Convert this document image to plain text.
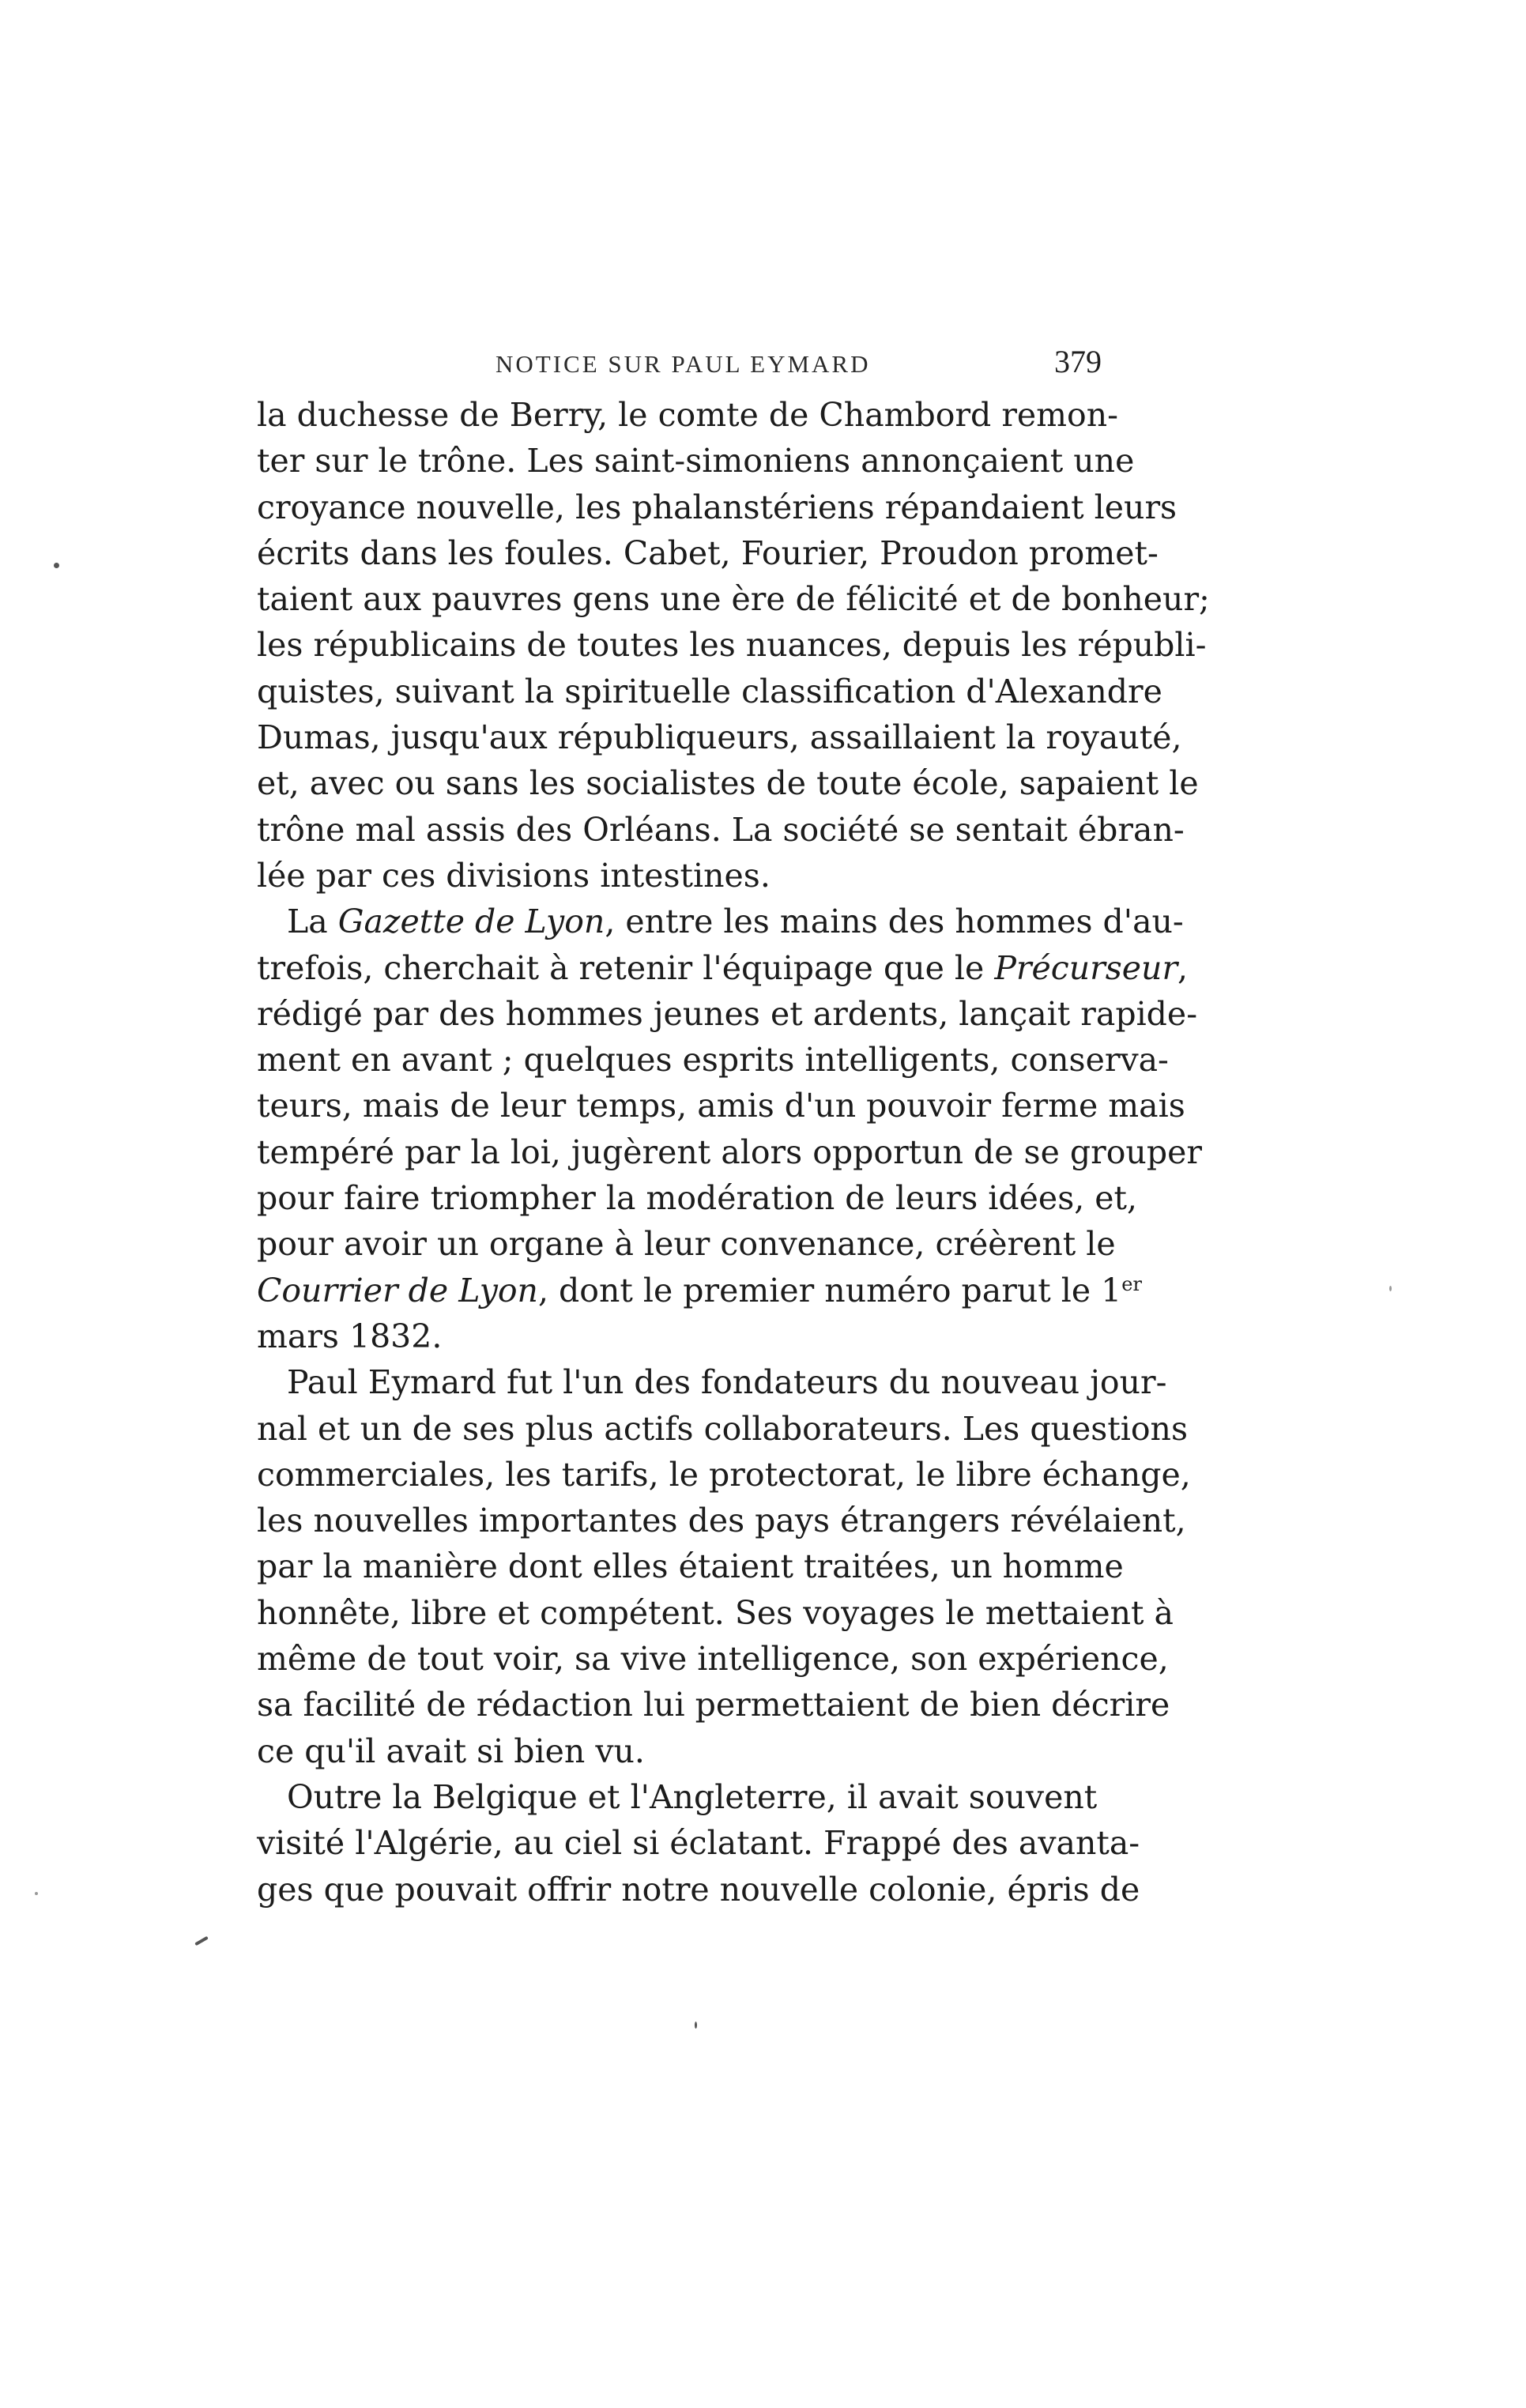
NOTICE SUR PAUL EYMARD	379
la duchesse de Berry, le comte de Chambord remon-
ter sur le trône. Les saint-simoniens annonçaient une
croyance nouvelle, les phalanstériens répandaient leurs
écrits dans les foules. Cabet, Fourier, Proudon promet-
taient aux pauvres gens une ère de félicité et de bonheur;
les républicains de toutes les nuances, depuis les républi-
quistes, suivant la spirituelle classification d'Alexandre
Dumas, jusqu'aux républiqueurs, assaillaient la royauté,
et, avec ou sans les socialistes de toute école, sapaient le
trône mal assis des Orléans. La société se sentait ébran-
lée par ces divisions intestines.
La Gazette de Lyon, entre les mains des hommes d'au-
trefois, cherchait à retenir l'équipage que le Précurseur,
rédigé par des hommes jeunes et ardents, lançait rapide-
ment en avant ; quelques esprits intelligents, conserva-
teurs, mais de leur temps, amis d'un pouvoir ferme mais
tempéré par la loi, jugèrent alors opportun de se grouper
pour faire triompher la modération de leurs idées, et,
pour avoir un organe à leur convenance, créèrent le
Courrier de Lyon, dont le premier numéro parut le 1er
mars 1832.
Paul Eymard fut l'un des fondateurs du nouveau jour-
nal et un de ses plus actifs collaborateurs. Les questions
commerciales, les tarifs, le protectorat, le libre échange,
les nouvelles importantes des pays étrangers révélaient,
par la manière dont elles étaient traitées, un homme
honnête, libre et compétent. Ses voyages le mettaient à
même de tout voir, sa vive intelligence, son expérience,
sa facilité de rédaction lui permettaient de bien décrire
ce qu'il avait si bien vu.
Outre la Belgique et l'Angleterre, il avait souvent
visité l'Algérie, au ciel si éclatant. Frappé des avanta-
ges que pouvait offrir notre nouvelle colonie, épris de
